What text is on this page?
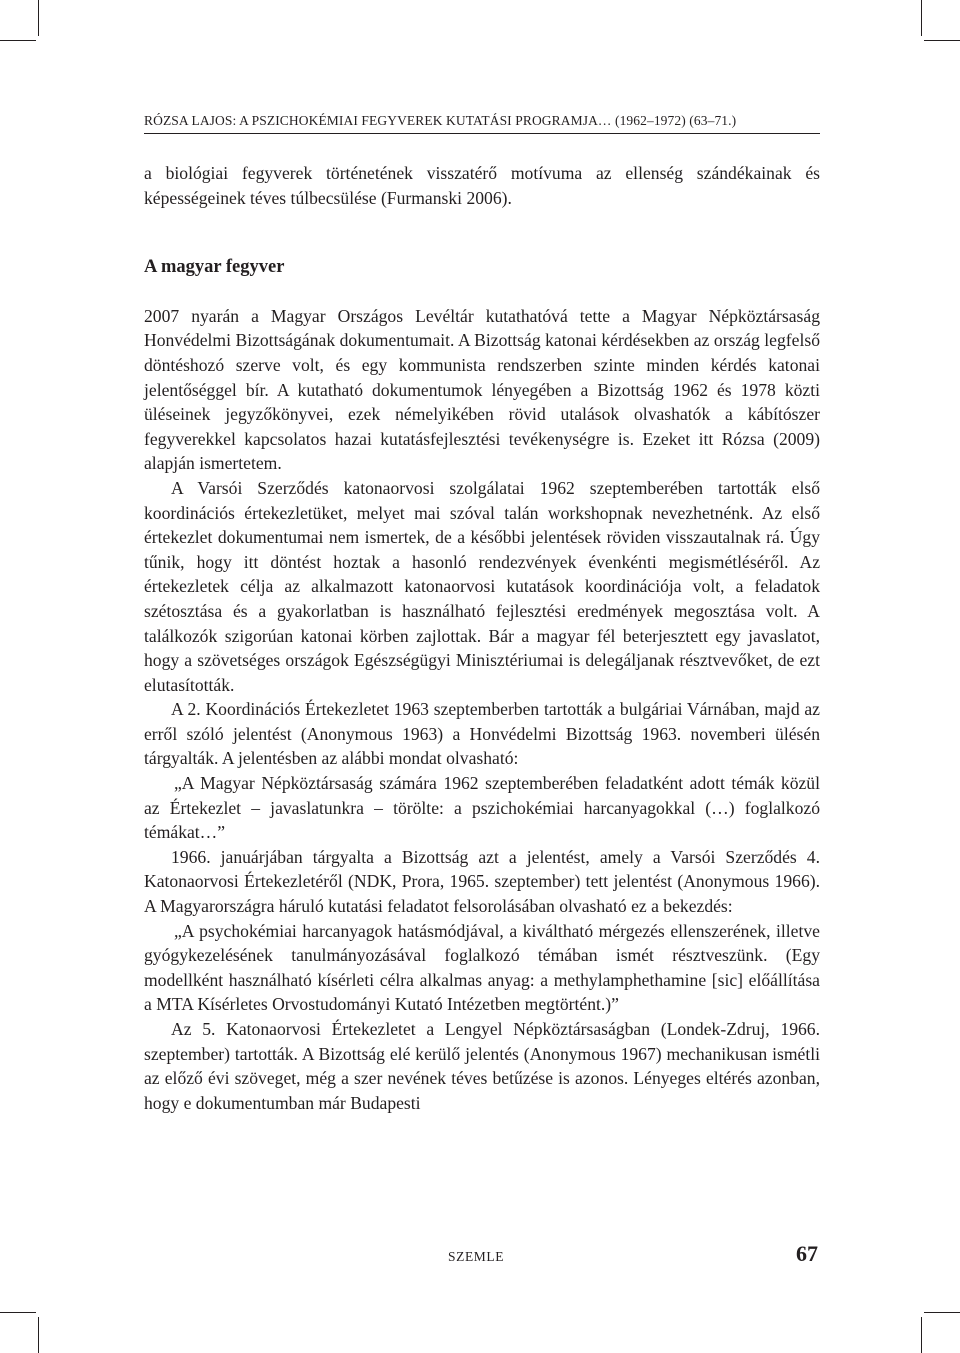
RÓZSA LAJOS: A PSZICHOKÉMIAI FEGYVEREK KUTATÁSI PROGRAMJA… (1962–1972) (63–71.)

a biológiai fegyverek történetének visszatérő motívuma az ellenség szándékainak és képességeinek téves túlbecsülése (Furmanski 2006).

A magyar fegyver

2007 nyarán a Magyar Országos Levéltár kutathatóvá tette a Magyar Népköztársaság Honvédelmi Bizottságának dokumentumait. A Bizottság katonai kérdésekben az ország legfelső döntéshozó szerve volt, és egy kommunista rendszerben szinte minden kérdés katonai jelentőséggel bír. A kutatható dokumentumok lényegében a Bizottság 1962 és 1978 közti üléseinek jegyzőkönyvei, ezek némelyikében rövid utalások olvashatók a kábítószer fegyverekkel kapcsolatos hazai kutatásfejlesztési tevékenységre is. Ezeket itt Rózsa (2009) alapján ismertetem.

A Varsói Szerződés katonaorvosi szolgálatai 1962 szeptemberében tartották első koordinációs értekezletüket, melyet mai szóval talán workshopnak nevezhetnénk. Az első értekezlet dokumentumai nem ismertek, de a későbbi jelentések röviden visszautalnak rá. Úgy tűnik, hogy itt döntést hoztak a hasonló rendezvények évenkénti megismétléséről. Az értekezletek célja az alkalmazott katonaorvosi kutatások koordinációja volt, a feladatok szétosztása és a gyakorlatban is használható fejlesztési eredmények megosztása volt. A találkozók szigorúan katonai körben zajlottak. Bár a magyar fél beterjesztett egy javaslatot, hogy a szövetséges országok Egészségügyi Minisztériumai is delegáljanak résztvevőket, de ezt elutasították.

A 2. Koordinációs Értekezletet 1963 szeptemberben tartották a bulgáriai Várnában, majd az erről szóló jelentést (Anonymous 1963) a Honvédelmi Bizottság 1963. novemberi ülésén tárgyalták. A jelentésben az alábbi mondat olvasható:

„A Magyar Népköztársaság számára 1962 szeptemberében feladatként adott témák közül az Értekezlet – javaslatunkra – törölte: a pszichokémiai harcanyagokkal (…) foglalkozó témákat…”

1966. januárjában tárgyalta a Bizottság azt a jelentést, amely a Varsói Szerződés 4. Katonaorvosi Értekezletéről (NDK, Prora, 1965. szeptember) tett jelentést (Anonymous 1966). A Magyarországra háruló kutatási feladatot felsorolásában olvasható ez a bekezdés:

„A psychokémiai harcanyagok hatásmódjával, a kiváltható mérgezés ellenszerének, illetve gyógykezelésének tanulmányozásával foglalkozó témában ismét résztveszünk. (Egy modellként használható kísérleti célra alkalmas anyag: a methylamphethamine [sic] előállítása a MTA Kísérletes Orvostudományi Kutató Intézetben megtörtént.)”

Az 5. Katonaorvosi Értekezletet a Lengyel Népköztársaságban (Londek-Zdruj, 1966. szeptember) tartották. A Bizottság elé kerülő jelentés (Anonymous 1967) mechanikusan ismétli az előző évi szöveget, még a szer nevének téves betűzése is azonos. Lényeges eltérés azonban, hogy e dokumentumban már Budapesti

SZEMLE	67
